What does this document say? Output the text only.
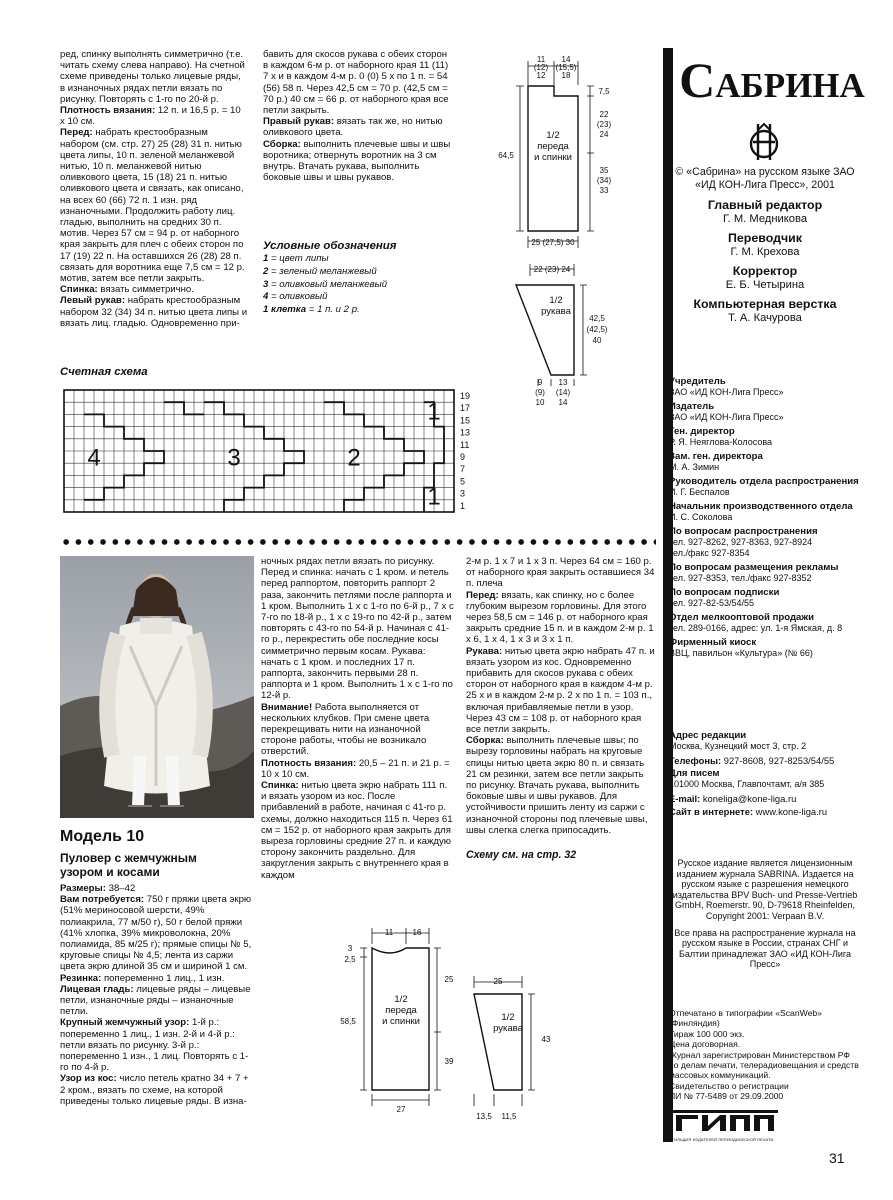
ред, спинку выполнять симметрично (т.е. читать схему слева направо). На счетной схеме приведены только лицевые ряды, в изнаночных рядах петли вязать по рисунку. Повторять с 1-го по 20-й р.

Плотность вязания: 12 п. и 16,5 р. = 10 x 10 см.

Перед: набрать крестообразным набором (см. стр. 27) 25 (28) 31 п. нитью цвета липы, 10 п. зеленой меланжевой нитью, 10 п. меланжевой нитью оливкового цвета, 15 (18) 21 п. нитью оливкового цвета и связать, как описано, на всех 60 (66) 72 п. 1 изн. ряд изнаночными. Продолжить работу лиц. гладью, выполнить на средних 30 п. мотив. Через 57 см = 94 р. от наборного края закрыть для плеч с обеих сторон по 17 (19) 22 п. На оставшихся 26 (28) 28 п. связать для воротника еще 7,5 см = 12 р. мотив, затем все петли закрыть.

Спинка: вязать симметрично.

Левый рукав: набрать крестообразным набором 32 (34) 34 п. нитью цвета липы и вязать лиц. гладью. Одновременно при-

бавить для скосов рукава с обеих сторон в каждом 6-м р. от наборного края 11 (11) 7 х и в каждом 4-м р. 0 (0) 5 х по 1 п. = 54 (56) 58 п. Через 42,5 см = 70 р. (42,5 см = 70 р.) 40 см = 66 р. от наборного края все петли закрыть.

Правый рукав: вязать так же, но нитью оливкового цвета.

Сборка: выполнить плечевые швы и швы воротника; отвернуть воротник на 3 см внутрь. Втачать рукава, выполнить боковые швы и швы рукавов.

Условные обозначения

1 = цвет липы
2 = зеленый меланжевый
3 = оливковый меланжевый
4 = оливковый
1 клетка = 1 п. и 2 р.
11
(12)
12
14
(15,5)
18
64,5
1/2
переда
и спинки
7,5
22
(23)
24
35
(34)
33
25 (27,5) 30
22 (23) 24
1/2
рукава
42,5
(42,5)
40
9
(9)
10
13
(14)
14
Счетная схема
19
17
15
13
11
9
7
5
3
1
4	3	2
1
1

Модель 10

Пуловер с жемчужным узором и косами

Размеры: 38–42

Вам потребуется: 750 г пряжи цвета экрю (51% мериносовой шерсти, 49% полиакрила, 77 м/50 г), 50 г белой пряжи (41% хлопка, 39% микроволокна, 20% полиамида, 85 м/25 г); прямые спицы № 5, круговые спицы № 4,5; лента из саржи цвета экрю длиной 35 см и шириной 1 см.

Резинка: попеременно 1 лиц., 1 изн.

Лицевая гладь: лицевые ряды – лицевые петли, изнаночные ряды – изнаночные петли.

Крупный жемчужный узор: 1-й р.: попеременно 1 лиц., 1 изн. 2-й и 4-й р.: петли вязать по рисунку. 3-й р.: попеременно 1 изн., 1 лиц. Повторять с 1-го по 4-й р.

Узор из кос: число петель кратно 34 + 7 + 2 кром., вязать по схеме, на которой приведены только лицевые ряды. В изна-

ночных рядах петли вязать по рисунку. Перед и спинка: начать с 1 кром. и петель перед раппортом, повторить раппорт 2 раза, закончить петлями после раппорта и 1 кром. Выполнить 1 х с 1-го по 6-й р., 7 х с 7-го по 18-й р., 1 х с 19-го по 42-й р., затем повторять с 43-го по 54-й р. Начиная с 41-го р., перекрестить обе последние косы симметрично первым косам. Рукава: начать с 1 кром. и последних 17 п. раппорта, закончить первыми 28 п. раппорта и 1 кром. Выполнить 1 х с 1-го по 12-й р.

Внимание! Работа выполняется от нескольких клубков. При смене цвета перекрещивать нити на изнаночной стороне работы, чтобы не возникало отверстий.

Плотность вязания: 20,5 – 21 п. и 21 р. = 10 x 10 см.

Спинка: нитью цвета экрю набрать 111 п. и вязать узором из кос. После прибавлений в работе, начиная с 41-го р. схемы, должно находиться 115 п. Через 61 см = 152 р. от наборного края закрыть для выреза горловины средние 27 п. и каждую сторону закончить раздельно. Для закругления закрыть с внутреннего края в каждом

2-м р. 1 х 7 и 1 х 3 п. Через 64 см = 160 р. от наборного края закрыть оставшиеся 34 п. плеча

Перед: вязать, как спинку, но с более глубоким вырезом горловины. Для этого через 58,5 см = 146 р. от наборного края закрыть средние 15 п. и в каждом 2-м р. 1 х 6, 1 х 4, 1 х 3 и 3 х 1 п.

Рукава: нитью цвета экрю набрать 47 п. и вязать узором из кос. Одновременно прибавить для скосов рукава с обеих сторон от наборного края в каждом 4-м р. 25 х и в каждом 2-м р. 2 х по 1 п. = 103 п., включая прибавляемые петли в узор. Через 43 см = 108 р. от наборного края все петли закрыть.

Сборка: выполнить плечевые швы; по вырезу горловины набрать на круговые спицы нитью цвета экрю 80 п. и связать 21 см резинки, затем все петли закрыть по рисунку. Втачать рукава, выполнить боковые швы и швы рукавов. Для устойчивости пришить ленту из саржи с изнаночной стороны под плечевые швы, швы слегка слегка припосадить.

Схему см. на стр. 32

11 16
3
2,5
58,5
25
39
1/2
переда
и спинки
27
25
1/2
рукава
43
13,5 11,5
Сабрина

© «Сабрина» на русском языке ЗАО «ИД КОН-Лига Пресс», 2001

Главный редактор
Г. М. Медникова
Переводчик
Г. М. Крехова
Корректор
Е. Б. Четырина
Компьютерная верстка
Т. А. Качурова
Учредитель
ЗАО «ИД КОН-Лига Пресс»
Издатель
ЗАО «ИД КОН-Лига Пресс»
Ген. директор
Р. Я. Неяглова-Колосова
Зам. ген. директора
М. А. Зимин
Руководитель отдела распространения
И. Г. Беспалов
Начальник производственного отдела
И. С. Соколова
По вопросам распространения
тел. 927-8262, 927-8363, 927-8924
тел./факс 927-8354
По вопросам размещения рекламы
тел. 927-8353, тел./факс 927-8352
По вопросам подписки
тел. 927-82-53/54/55
Отдел мелкооптовой продажи
тел. 289-0166, адрес: ул. 1-я Ямская, д. 8
Фирменный киоск
ВВЦ, павильон «Культура» (№ 66)
Адрес редакции
Москва, Кузнецкий мост 3, стр. 2
Телефоны: 927-8608, 927-8253/54/55
Для писем
101000 Москва, Главпочтамт, а/я 385
E-mail: koneliga@kone-liga.ru
Сайт в интернете: www.kone-liga.ru

Русское издание является лицензионным изданием журнала SABRINA. Издается на русском языке с разрешения немецкого издательства BPV Buch- und Presse-Vertrieb GmbH, Roemerstr. 90, D-79618 Rheinfelden, Copyright 2001: Verpaan B.V.

Все права на распространение журнала на русском языке в России, странах СНГ и Балтии принадлежат ЗАО «ИД КОН-Лига Пресс»

Отпечатано в типографии «ScanWeb» (Финляндия)
Тираж 100 000 экз.
Цена договорная.
Журнал зарегистрирован Министерством РФ по делам печати, телерадиовещания и средств массовых коммуникаций.
Свидетельство о регистрации
ПИ № 77-5489 от 29.09.2000
ГИЛЬДИЯ ИЗДАТЕЛЕЙ ПЕРИОДИЧЕСКОЙ ПЕЧАТИ
31
